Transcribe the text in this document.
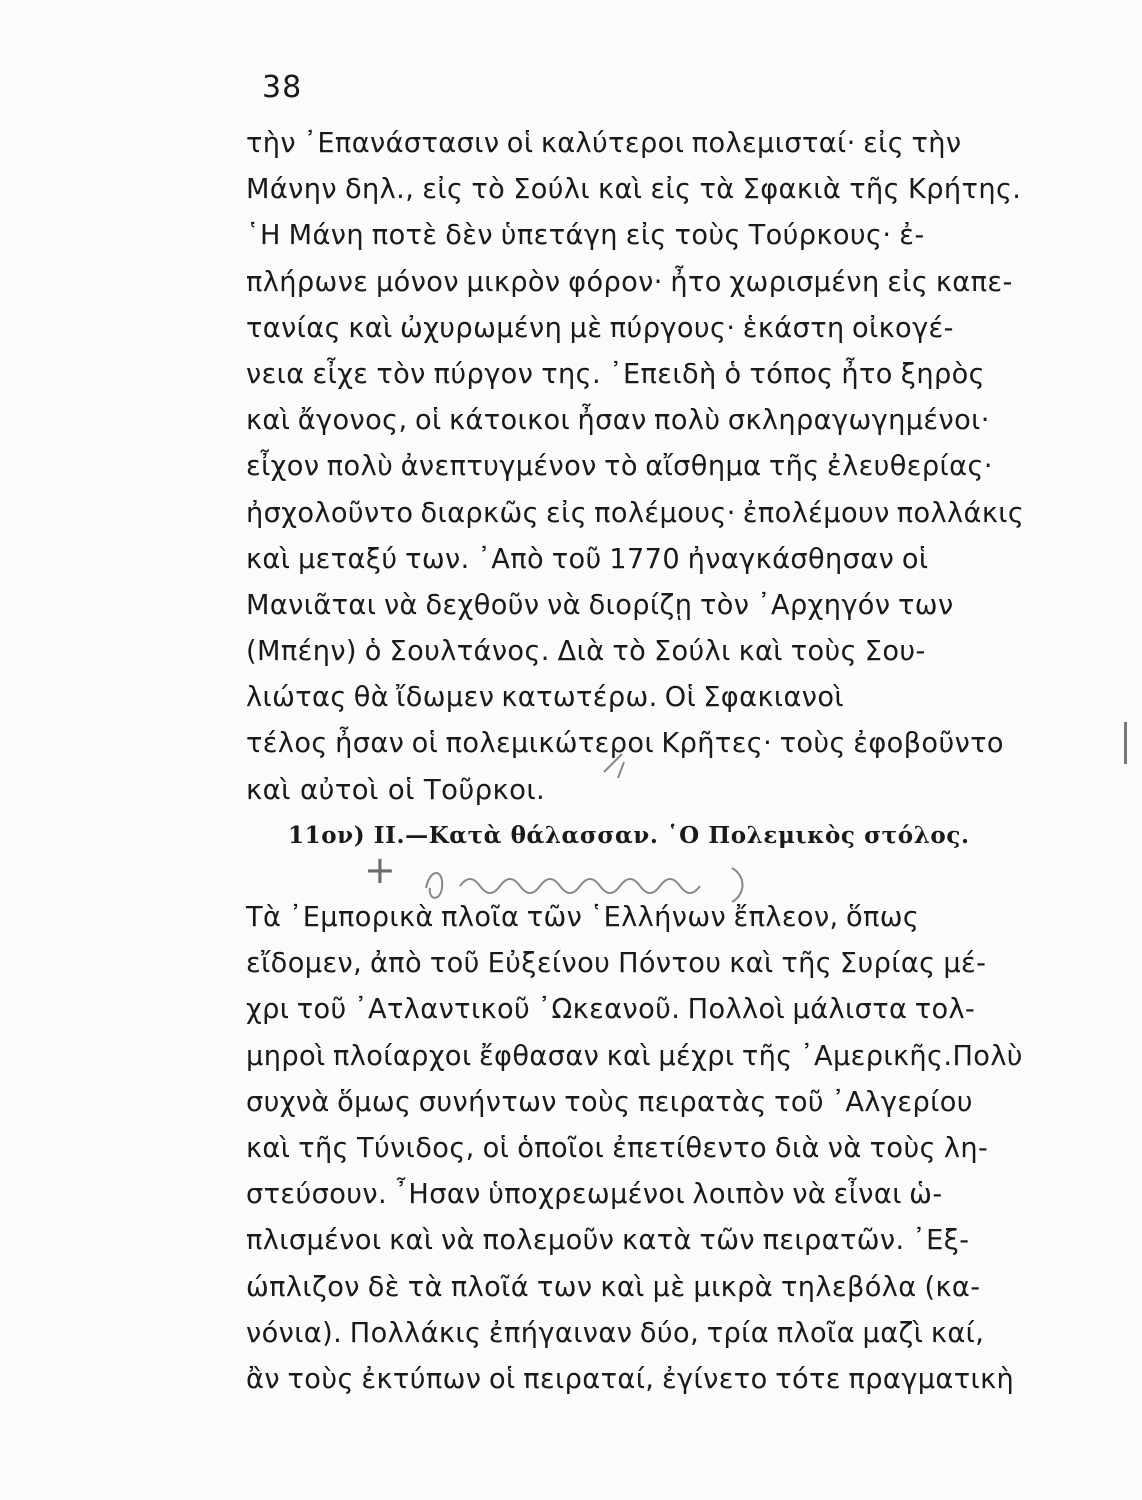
38
τὴν ᾿Επανάστασιν οἱ καλύτεροι πολεμισταί· εἰς τὴν
Μάνην δηλ., εἰς τὸ Σούλι καὶ εἰς τὰ Σφακιὰ τῆς Κρήτης.
῾Η Μάνη ποτὲ δὲν ὑπετάγη εἰς τοὺς Τούρκους· ἐ-
πλήρωνε μόνον μικρὸν φόρον· ἦτο χωρισμένη εἰς καπε-
τανίας καὶ ὠχυρωμένη μὲ πύργους· ἑκάστη οἰκογέ-
νεια εἶχε τὸν πύργον της. ᾿Επειδὴ ὁ τόπος ἦτο ξηρὸς
καὶ ἄγονος, οἱ κάτοικοι ἦσαν πολὺ σκληραγωγημένοι·
εἶχον πολὺ ἀνεπτυγμένον τὸ αἴσθημα τῆς ἐλευθερίας·
ἠσχολοῦντο διαρκῶς εἰς πολέμους· ἐπολέμουν πολλάκις
καὶ μεταξύ των. ᾿Απὸ τοῦ 1770 ἠναγκάσθησαν οἱ
Μανιᾶται νὰ δεχθοῦν νὰ διορίζῃ τὸν ᾿Αρχηγόν των
(Μπέην) ὁ Σουλτάνος. Διὰ τὸ Σούλι καὶ τοὺς Σου-
λιώτας θὰ ἴδωμεν κατωτέρω. Οἱ Σφακιανοὶ
τέλος ἦσαν οἱ πολεμικώτεροι Κρῆτες· τοὺς ἐφοβοῦντο
καὶ αὐτοὶ οἱ Τοῦρκοι.
11ον) ΙΙ.—Κατὰ θάλασσαν. ῾Ο Πολεμικὸς στόλος.
+
Τὰ ᾿Εμπορικὰ πλοῖα τῶν ῾Ελλήνων ἔπλεον, ὅπως
εἴδομεν, ἀπὸ τοῦ Εὐξείνου Πόντου καὶ τῆς Συρίας μέ-
χρι τοῦ ᾿Ατλαντικοῦ ᾿Ωκεανοῦ. Πολλοὶ μάλιστα τολ-
μηροὶ πλοίαρχοι ἔφθασαν καὶ μέχρι τῆς ᾿Αμερικῆς.Πολὺ
συχνὰ ὅμως συνήντων τοὺς πειρατὰς τοῦ ᾿Αλγερίου
καὶ τῆς Τύνιδος, οἱ ὁποῖοι ἐπετίθεντο διὰ νὰ τοὺς λη-
στεύσουν. ῏Ησαν ὑποχρεωμένοι λοιπὸν νὰ εἶναι ὡ-
πλισμένοι καὶ νὰ πολεμοῦν κατὰ τῶν πειρατῶν. ᾿Εξ-
ώπλιζον δὲ τὰ πλοῖά των καὶ μὲ μικρὰ τηλεβόλα (κα-
νόνια). Πολλάκις ἐπήγαιναν δύο, τρία πλοῖα μαζὶ καί,
ἂν τοὺς ἐκτύπων οἱ πειραταί, ἐγίνετο τότε πραγματικὴ
